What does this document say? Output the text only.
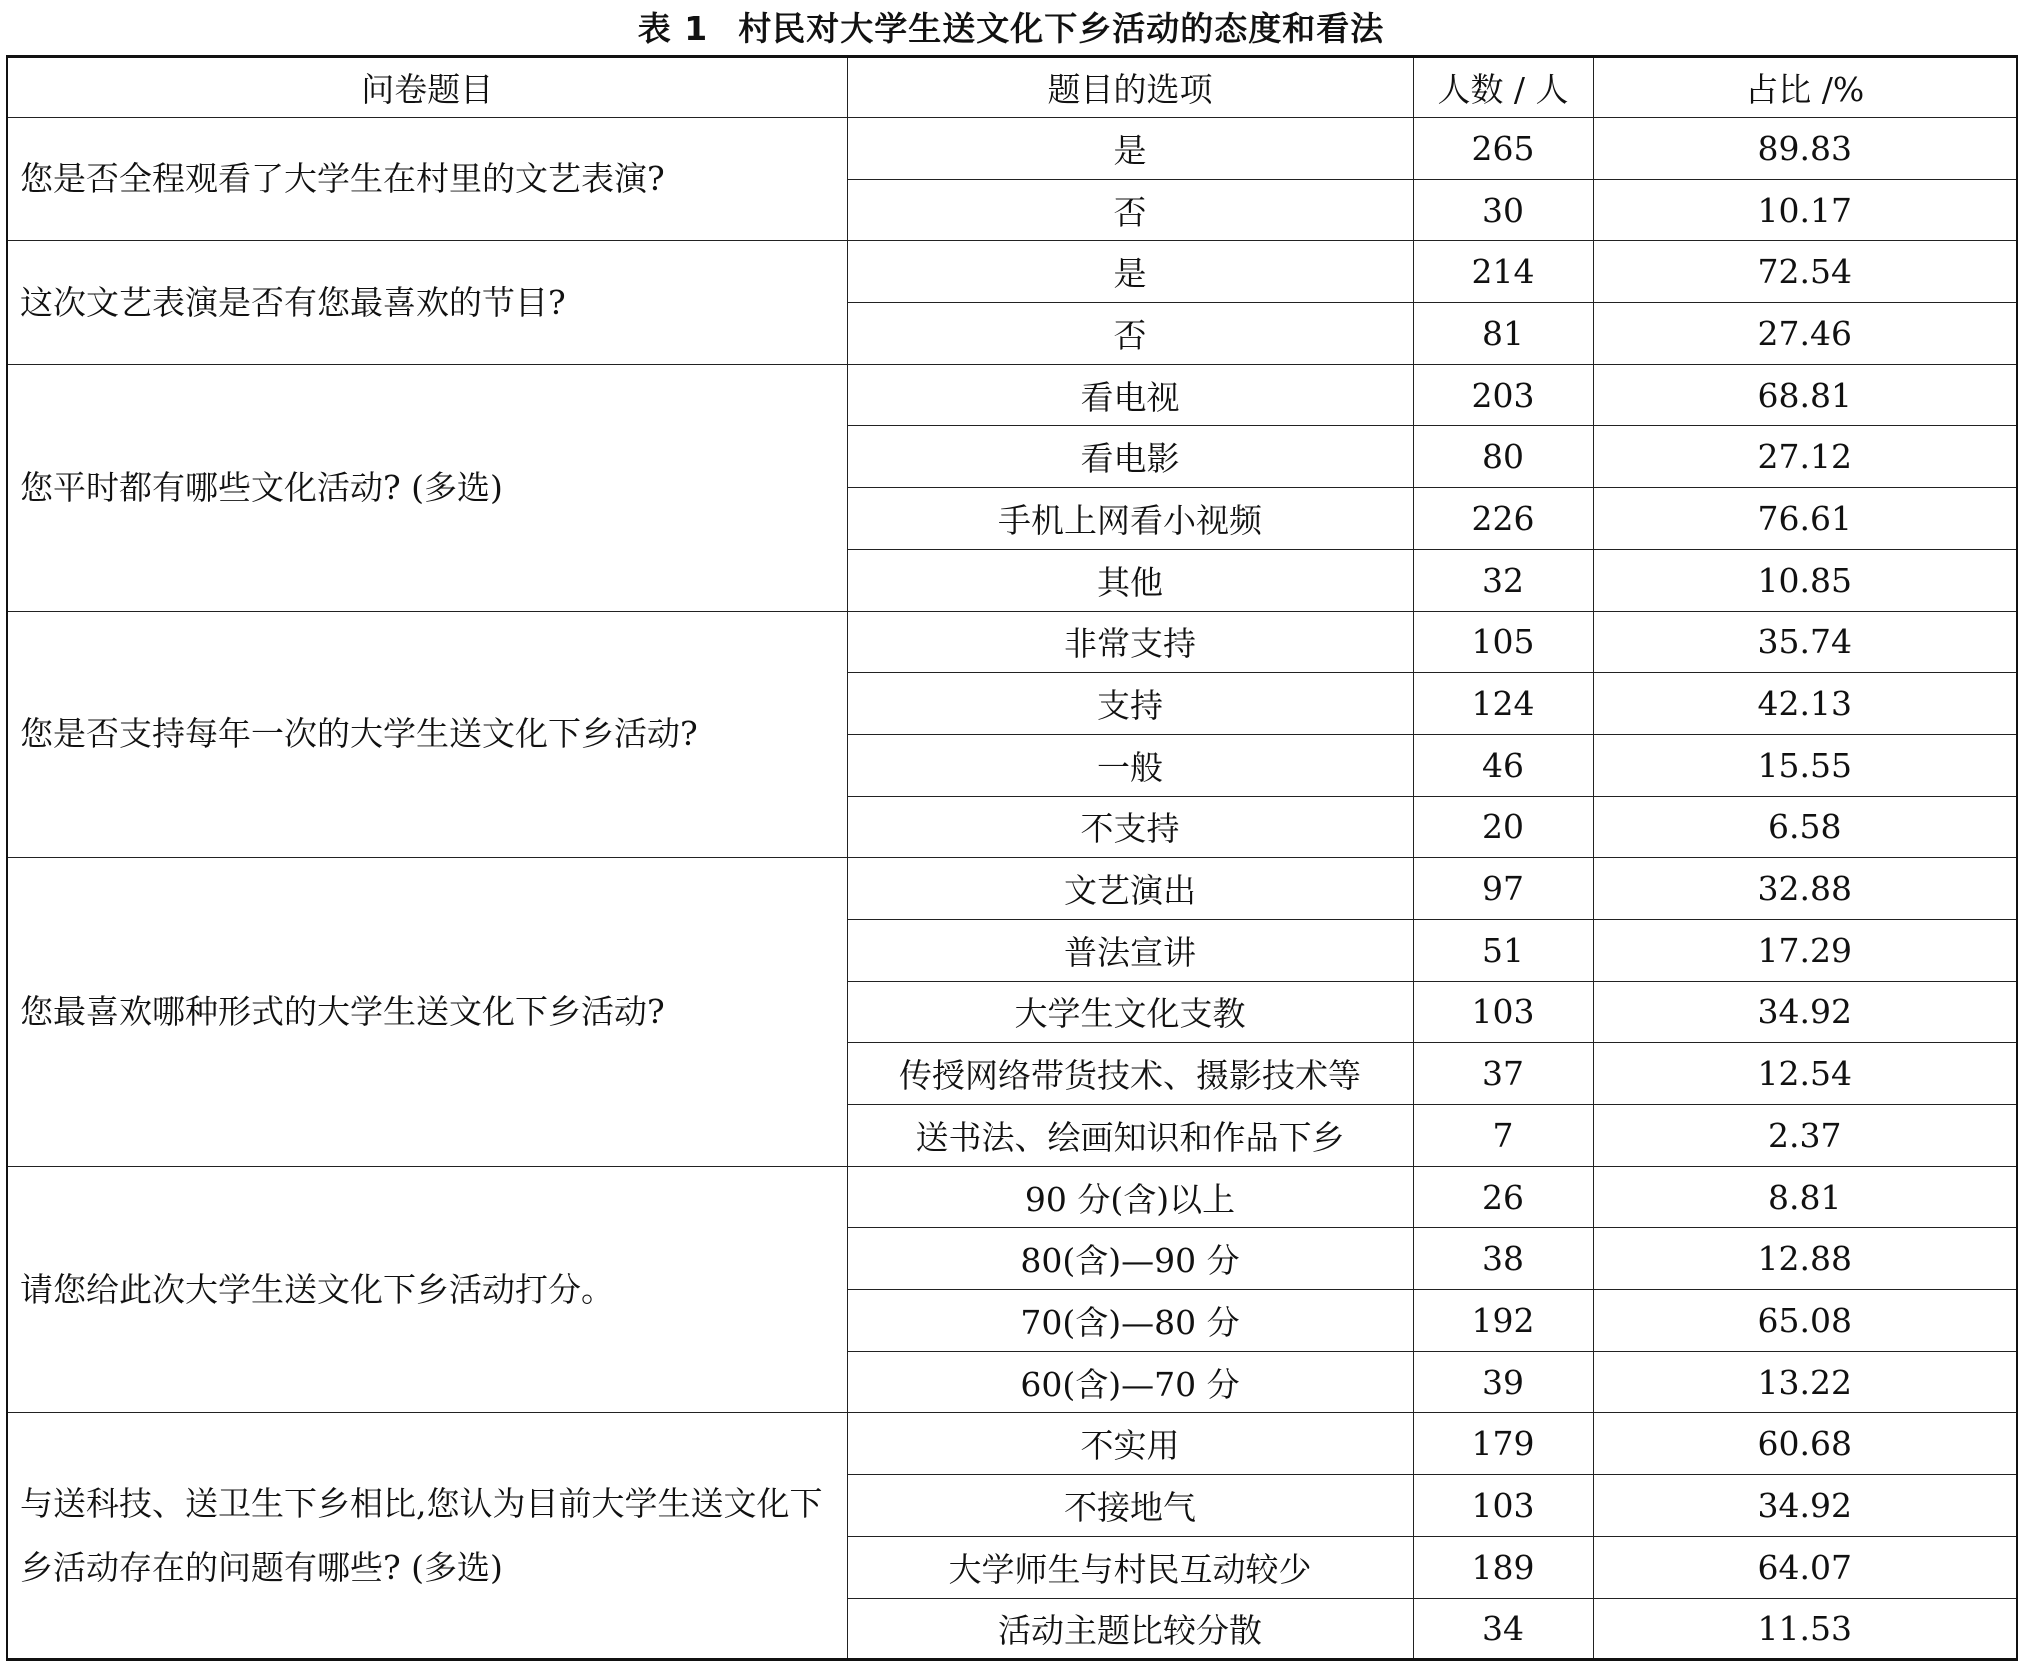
表 1 村民对大学生送文化下乡活动的态度和看法
问卷题目	题目的选项	人数 / 人	占比 /%
您是否全程观看了大学生在村里的文艺表演?	是	265	89.83
	否	30	10.17
这次文艺表演是否有您最喜欢的节目?	是	214	72.54
	否	81	27.46
您平时都有哪些文化活动? (多选)	看电视	203	68.81
	看电影	80	27.12
	手机上网看小视频	226	76.61
	其他	32	10.85
您是否支持每年一次的大学生送文化下乡活动?	非常支持	105	35.74
	支持	124	42.13
	一般	46	15.55
	不支持	20	6.58
您最喜欢哪种形式的大学生送文化下乡活动?	文艺演出	97	32.88
	普法宣讲	51	17.29
	大学生文化支教	103	34.92
	传授网络带货技术、摄影技术等	37	12.54
	送书法、绘画知识和作品下乡	7	2.37
请您给此次大学生送文化下乡活动打分。	90 分(含)以上	26	8.81
	80(含)—90 分	38	12.88
	70(含)—80 分	192	65.08
	60(含)—70 分	39	13.22
与送科技、送卫生下乡相比,您认为目前大学生送文化下乡活动存在的问题有哪些? (多选)	不实用	179	60.68
	不接地气	103	34.92
	大学师生与村民互动较少	189	64.07
	活动主题比较分散	34	11.53
